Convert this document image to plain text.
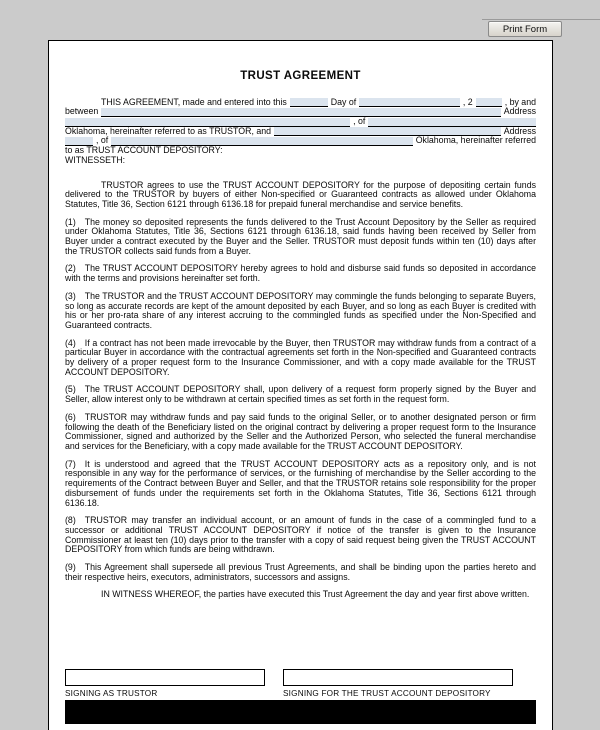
Print Form
TRUST AGREEMENT
THIS AGREEMENT, made and entered into this	Day of	, 2	, by and
between	Address
, of
Oklahoma, hereinafter referred to as TRUSTOR, and	Address
, of	Oklahoma, hereinafter referred
to as TRUST ACCOUNT DEPOSITORY:
WITNESSETH:

TRUSTOR agrees to use the TRUST ACCOUNT DEPOSITORY for the purpose of depositing certain funds delivered to the TRUSTOR by buyers of either Non-specified or Guaranteed contracts as allowed under Oklahoma Statutes, Title 36, Section 6121 through 6136.18 for prepaid funeral merchandise and service benefits.

(1) The money so deposited represents the funds delivered to the Trust Account Depository by the Seller as required under Oklahoma Statutes, Title 36, Sections 6121 through 6136.18, said funds having been received by Seller from Buyer under a contract executed by the Buyer and the Seller. TRUSTOR must deposit funds within ten (10) days after the TRUSTOR collects said funds from a Buyer.

(2) The TRUST ACCOUNT DEPOSITORY hereby agrees to hold and disburse said funds so deposited in accordance with the terms and provisions hereinafter set forth.

(3) The TRUSTOR and the TRUST ACCOUNT DEPOSITORY may commingle the funds belonging to separate Buyers, so long as accurate records are kept of the amount deposited by each Buyer, and so long as each Buyer is credited with his or her pro-rata share of any interest accruing to the commingled funds as specified under the Non-Specified and Guaranteed contracts.

(4) If a contract has not been made irrevocable by the Buyer, then TRUSTOR may withdraw funds from a contract of a particular Buyer in accordance with the contractual agreements set forth in the Non-specified and Guaranteed contracts by delivery of a proper request form to the Insurance Commissioner, and with a copy made available for the TRUST ACCOUNT DEPOSITORY.

(5) The TRUST ACCOUNT DEPOSITORY shall, upon delivery of a request form properly signed by the Buyer and Seller, allow interest only to be withdrawn at certain specified times as set forth in the request form.

(6) TRUSTOR may withdraw funds and pay said funds to the original Seller, or to another designated person or firm following the death of the Beneficiary listed on the original contract by delivering a proper request form to the Insurance Commissioner, signed and authorized by the Seller and the Authorized Person, who selected the funeral merchandise and services for the Beneficiary, with a copy made available for the TRUST ACCOUNT DEPOSITORY.

(7) It is understood and agreed that the TRUST ACCOUNT DEPOSITORY acts as a repository only, and is not responsible in any way for the performance of services, or the furnishing of merchandise by the Seller according to the requirements of the Contract between Buyer and Seller, and that the TRUSTOR retains sole responsibility for the proper disbursement of funds under the requirements set forth in the Oklahoma Statutes, Title 36, Sections 6121 through 6136.18.

(8) TRUSTOR may transfer an individual account, or an amount of funds in the case of a commingled fund to a successor or additional TRUST ACCOUNT DEPOSITORY if notice of the transfer is given to the Insurance Commissioner at least ten (10) days prior to the transfer with a copy of said request being given the TRUST ACCOUNT DEPOSITORY from which funds are being withdrawn.

(9) This Agreement shall supersede all previous Trust Agreements, and shall be binding upon the parties hereto and their respective heirs, executors, administrators, successors and assigns.

IN WITNESS WHEREOF, the parties have executed this Trust Agreement the day and year first above written.

SIGNING AS TRUSTOR	SIGNING FOR THE TRUST ACCOUNT DEPOSITORY
